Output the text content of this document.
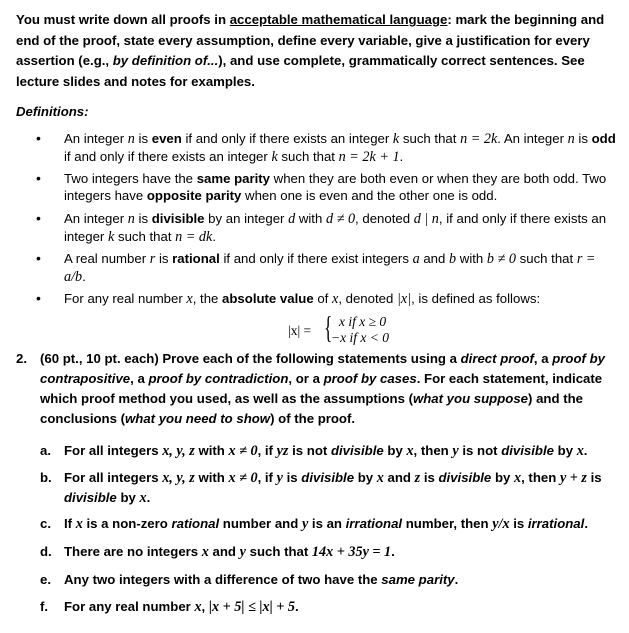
You must write down all proofs in acceptable mathematical language: mark the beginning and end of the proof, state every assumption, define every variable, give a justification for every assertion (e.g., by definition of...), and use complete, grammatically correct sentences. See lecture slides and notes for examples.
Definitions:
• An integer n is even if and only if there exists an integer k such that n = 2k. An integer n is odd if and only if there exists an integer k such that n = 2k + 1.
• Two integers have the same parity when they are both even or when they are both odd. Two integers have opposite parity when one is even and the other one is odd.
• An integer n is divisible by an integer d with d ≠ 0, denoted d | n, if and only if there exists an integer k such that n = dk.
• A real number r is rational if and only if there exist integers a and b with b ≠ 0 such that r = a/b.
• For any real number x, the absolute value of x, denoted |x|, is defined as follows:
|x| = { x if x ≥ 0
−x if x < 0
2. (60 pt., 10 pt. each) Prove each of the following statements using a direct proof, a proof by contrapositive, a proof by contradiction, or a proof by cases. For each statement, indicate which proof method you used, as well as the assumptions (what you suppose) and the conclusions (what you need to show) of the proof.
a. For all integers x, y, z with x ≠ 0, if yz is not divisible by x, then y is not divisible by x.
b. For all integers x, y, z with x ≠ 0, if y is divisible by x and z is divisible by x, then y + z is divisible by x.
c. If x is a non-zero rational number and y is an irrational number, then y/x is irrational.
d. There are no integers x and y such that 14x + 35y = 1.
e. Any two integers with a difference of two have the same parity.
f. For any real number x, |x + 5| ≤ |x| + 5.
